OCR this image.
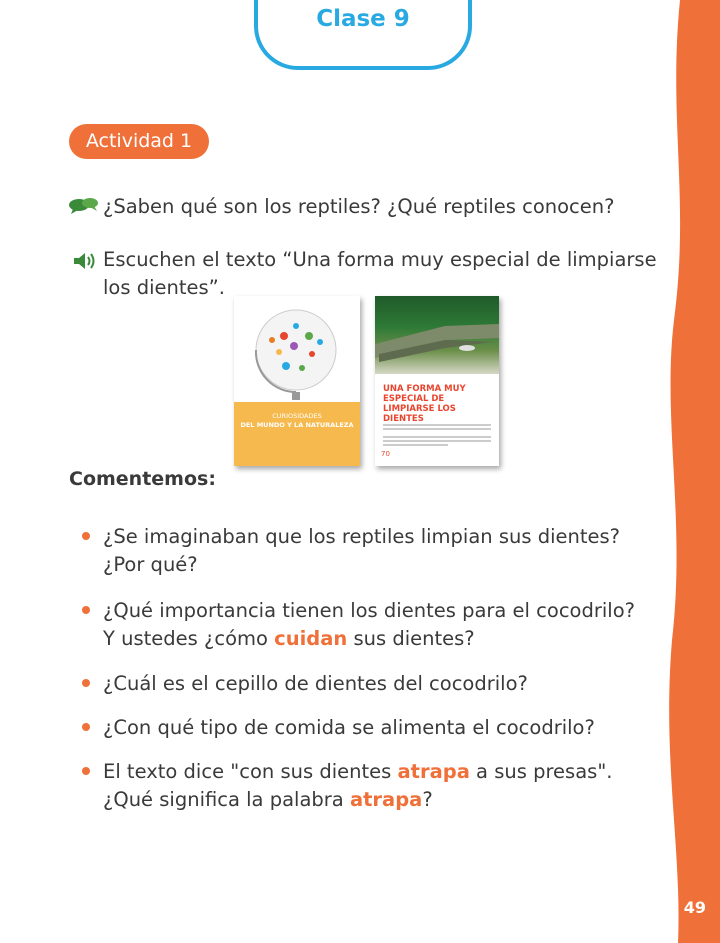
Clase 9
Actividad 1
¿Saben qué son los reptiles? ¿Qué reptiles conocen?
Escuchen el texto “Una forma muy especial de limpiarse
los dientes”.
CURIOSIDADES
DEL MUNDO Y LA NATURALEZA
UNA FORMA MUY ESPECIAL DE LIMPIARSE LOS DIENTES
70
Comentemos:
¿Se imaginaban que los reptiles limpian sus dientes?
¿Por qué?
¿Qué importancia tienen los dientes para el cocodrilo?
Y ustedes ¿cómo cuidan sus dientes?
¿Cuál es el cepillo de dientes del cocodrilo?
¿Con qué tipo de comida se alimenta el cocodrilo?
El texto dice "con sus dientes atrapa a sus presas".
¿Qué significa la palabra atrapa?
49
